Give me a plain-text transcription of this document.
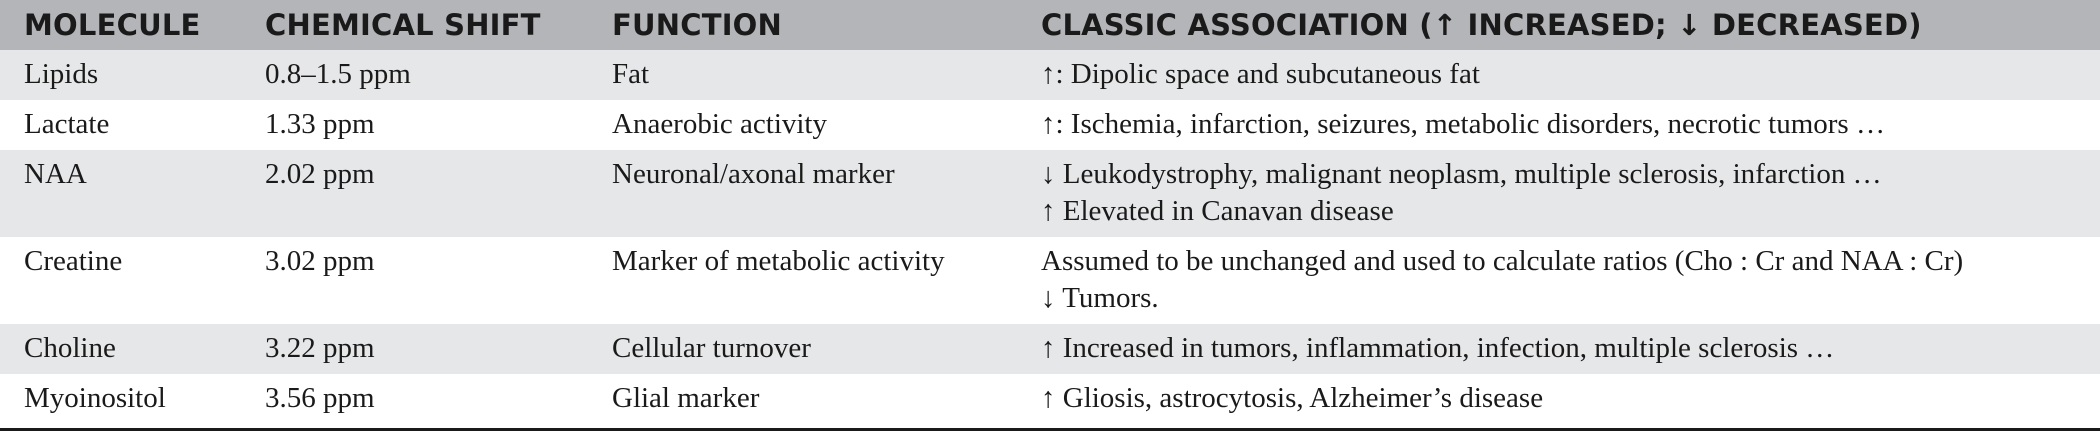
MOLECULE	CHEMICAL SHIFT	FUNCTION	CLASSIC ASSOCIATION (↑ INCREASED; ↓ DECREASED)
Lipids	0.8–1.5 ppm	Fat	↑: Dipolic space and subcutaneous fat

Lactate	1.33 ppm	Anaerobic activity	↑: Ischemia, infarction, seizures, metabolic disorders, necrotic tumors …

NAA	2.02 ppm	Neuronal/axonal marker	↓ Leukodystrophy, malignant neoplasm, multiple sclerosis, infarction …
↑ Elevated in Canavan disease

Creatine	3.02 ppm	Marker of metabolic activity	Assumed to be unchanged and used to calculate ratios (Cho : Cr and NAA : Cr)
↓ Tumors.

Choline	3.22 ppm	Cellular turnover	↑ Increased in tumors, inflammation, infection, multiple sclerosis …

Myoinositol	3.56 ppm	Glial marker	↑ Gliosis, astrocytosis, Alzheimer’s disease
